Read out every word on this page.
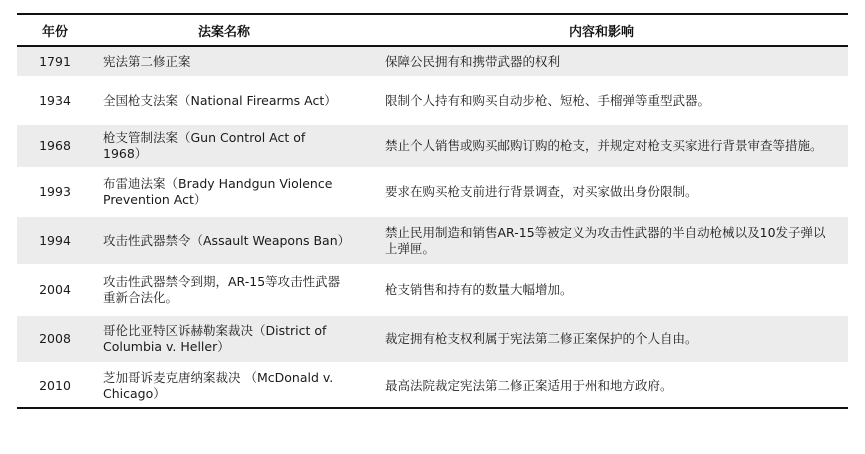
年份	法案名称	内容和影响
1791	宪法第二修正案	保障公民拥有和携带武器的权利
1934	全国枪支法案（National Firearms Act）	限制个人持有和购买自动步枪、短枪、手榴弹等重型武器。
1968	枪支管制法案（Gun Control Act of 1968）	禁止个人销售或购买邮购订购的枪支，并规定对枪支买家进行背景审查等措施。
1993	布雷迪法案（Brady Handgun Violence Prevention Act）	要求在购买枪支前进行背景调查，对买家做出身份限制。
1994	攻击性武器禁令（Assault Weapons Ban）	禁止民用制造和销售AR-15等被定义为攻击性武器的半自动枪械以及10发子弹以上弹匣。
2004	攻击性武器禁令到期，AR-15等攻击性武器重新合法化。	枪支销售和持有的数量大幅增加。
2008	哥伦比亚特区诉赫勒案裁决（District of Columbia v. Heller）	裁定拥有枪支权利属于宪法第二修正案保护的个人自由。
2010	芝加哥诉麦克唐纳案裁决 （McDonald v. Chicago）	最高法院裁定宪法第二修正案适用于州和地方政府。
